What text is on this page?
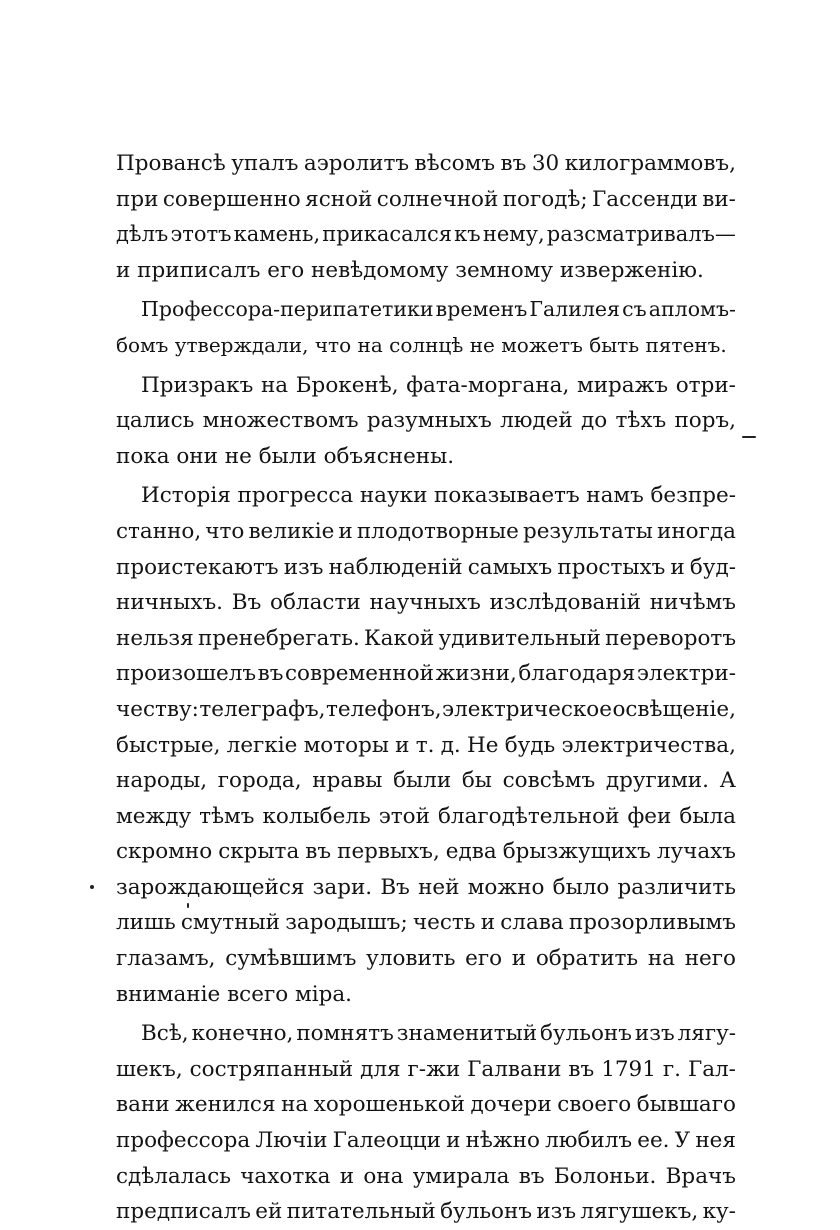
Провансѣ упалъ аэролитъ вѣсомъ въ 30 килограммовъ,
при совершенно ясной солнечной погодѣ; Гассенди ви-
дѣлъ этотъ камень, прикасался къ нему, разсматривалъ—
и приписалъ его невѣдомому земному изверженію.
Профессора-перипатетики временъ Галилея съ апломъ-
бомъ утверждали, что на солнцѣ не можетъ быть пятенъ.
Призракъ на Брокенѣ, фата-моргана, миражъ отри-
цались множествомъ разумныхъ людей до тѣхъ поръ,
пока они не были объяснены.
Исторія прогресса науки показываетъ намъ безпре-
станно, что великіе и плодотворные результаты иногда
проистекаютъ изъ наблюденій самыхъ простыхъ и буд-
ничныхъ. Въ области научныхъ изслѣдованій ничѣмъ
нельзя пренебрегать. Какой удивительный переворотъ
произошелъ въ современной жизни, благодаря электри-
честву: телеграфъ, телефонъ, электрическое освѣщеніе,
быстрые, легкіе моторы и т. д. Не будь электричества,
народы, города, нравы были бы совсѣмъ другими. А
между тѣмъ колыбель этой благодѣтельной феи была
скромно скрыта въ первыхъ, едва брызжущихъ лучахъ
зарождающейся зари. Въ ней можно было различить
лишь смутный зародышъ; честь и слава прозорливымъ
глазамъ, сумѣвшимъ уловить его и обратить на него
вниманіе всего міра.
Всѣ, конечно, помнятъ знаменитый бульонъ изъ лягу-
шекъ, состряпанный для г-жи Галвани въ 1791 г. Гал-
вани женился на хорошенькой дочери своего бывшаго
профессора Лючіи Галеоцци и нѣжно любилъ ее. У нея
сдѣлалась чахотка и она умирала въ Болоньи. Врачъ
предписалъ ей питательный бульонъ изъ лягушекъ, ку-
